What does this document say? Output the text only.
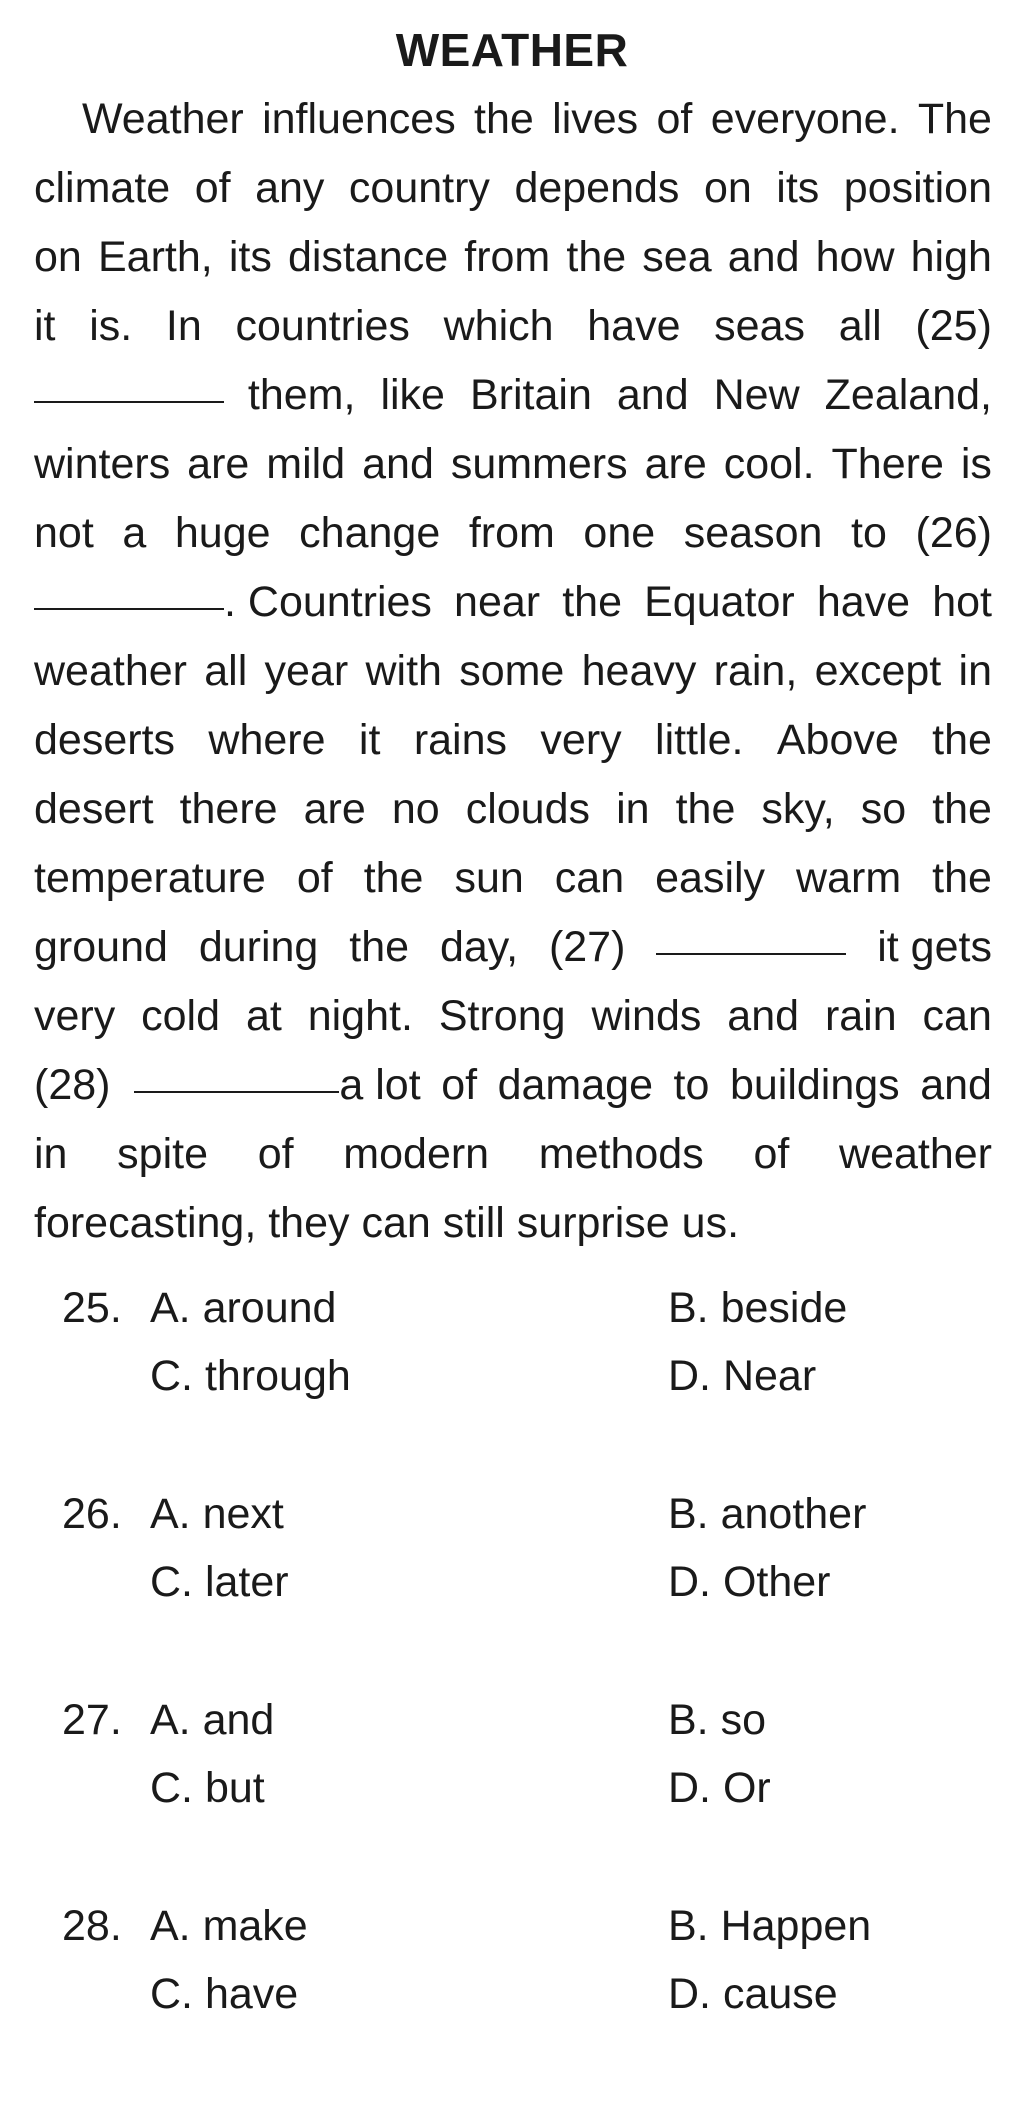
WEATHER
Weather influences the lives of everyone. The
climate of any country depends on its position
on Earth, its distance from the sea and how high
it is. In countries which have seas all (25)
them, like Britain and New Zealand,
winters are mild and summers are cool. There is
not a huge change from one season to (26)
. Countries near the Equator have hot
weather all year with some heavy rain, except in
deserts where it rains very little. Above the
desert there are no clouds in the sky, so the
temperature of the sun can easily warm the
ground during the day, (27)	it gets
very cold at night. Strong winds and rain can
(28)	a lot of damage to buildings and
in spite of modern methods of weather
forecasting, they can still surprise us.
25. A. around	B. beside
C. through	D. Near
26. A. next	B. another
C. later	D. Other
27. A. and	B. so
C. but	D. Or
28. A. make	B. Happen
C. have	D. cause
